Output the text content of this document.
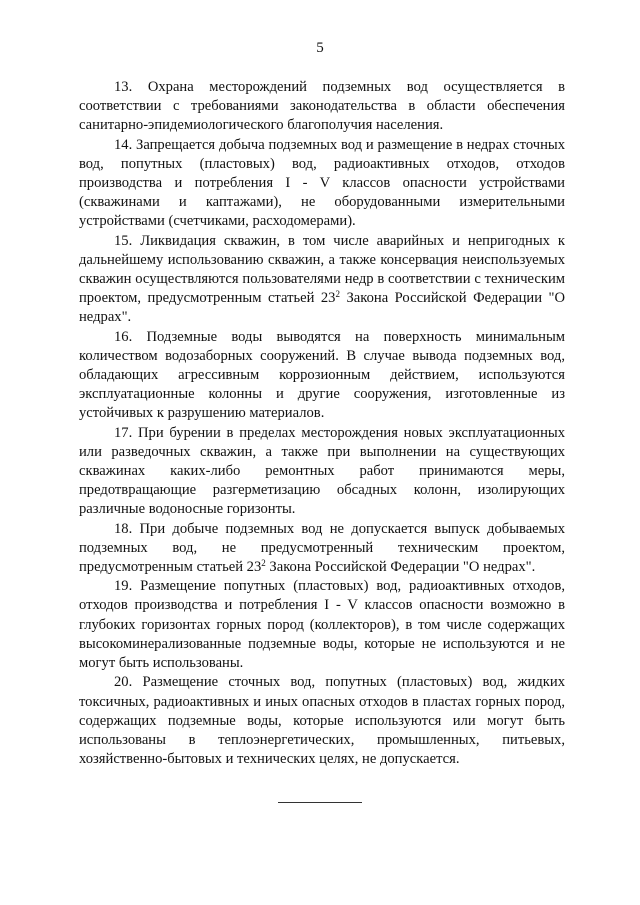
5

13. Охрана месторождений подземных вод осуществляется в соответствии с требованиями законодательства в области обеспечения санитарно-эпидемиологического благополучия населения.

14. Запрещается добыча подземных вод и размещение в недрах сточных вод, попутных (пластовых) вод, радиоактивных отходов, отходов производства и потребления I - V классов опасности устройствами (скважинами и каптажами), не оборудованными измерительными устройствами (счетчиками, расходомерами).

15. Ликвидация скважин, в том числе аварийных и непригодных к дальнейшему использованию скважин, а также консервация неиспользуемых скважин осуществляются пользователями недр в соответствии с техническим проектом, предусмотренным статьей $23^2$ Закона Российской Федерации "О недрах".

16. Подземные воды выводятся на поверхность минимальным количеством водозаборных сооружений. В случае вывода подземных вод, обладающих агрессивным коррозионным действием, используются эксплуатационные колонны и другие сооружения, изготовленные из устойчивых к разрушению материалов.

17. При бурении в пределах месторождения новых эксплуатационных или разведочных скважин, а также при выполнении на существующих скважинах каких-либо ремонтных работ принимаются меры, предотвращающие разгерметизацию обсадных колонн, изолирующих различные водоносные горизонты.

18. При добыче подземных вод не допускается выпуск добываемых подземных вод, не предусмотренный техническим проектом, предусмотренным статьей $23^2$ Закона Российской Федерации "О недрах".

19. Размещение попутных (пластовых) вод, радиоактивных отходов, отходов производства и потребления I - V классов опасности возможно в глубоких горизонтах горных пород (коллекторов), в том числе содержащих высокоминерализованные подземные воды, которые не используются и не могут быть использованы.

20. Размещение сточных вод, попутных (пластовых) вод, жидких токсичных, радиоактивных и иных опасных отходов в пластах горных пород, содержащих подземные воды, которые используются или могут быть использованы в теплоэнергетических, промышленных, питьевых, хозяйственно-бытовых и технических целях, не допускается.
